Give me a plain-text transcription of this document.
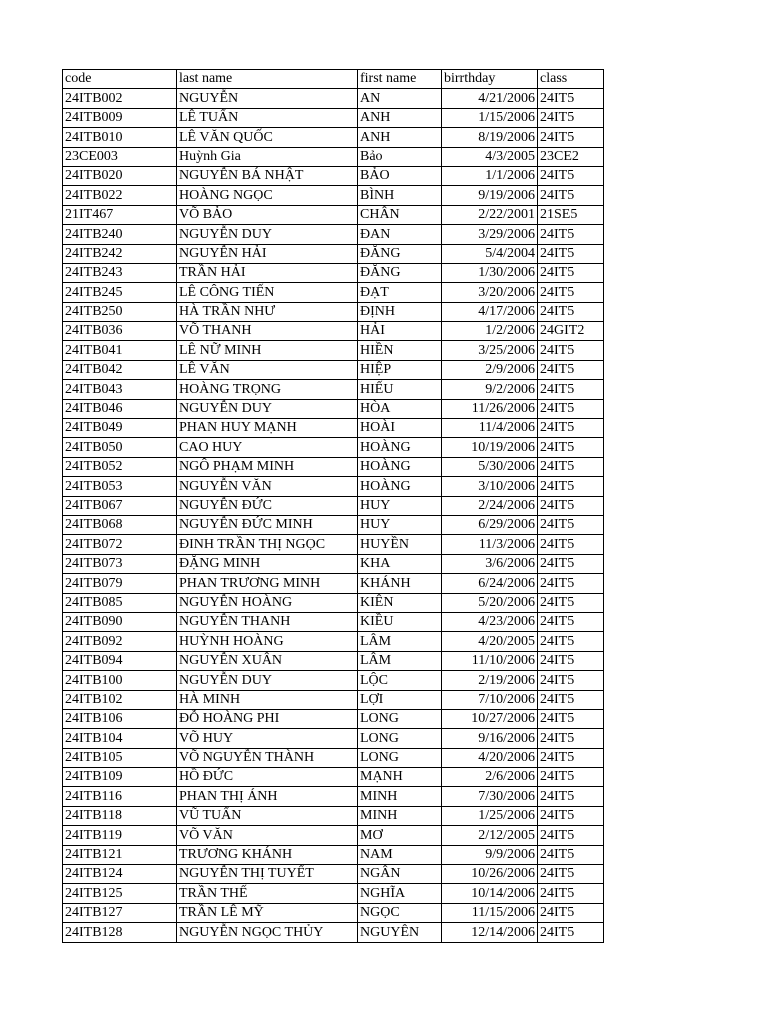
code	last name	first name	birrthday	class
24ITB002	NGUYỄN	AN	4/21/2006	24IT5
24ITB009	LÊ TUẤN	ANH	1/15/2006	24IT5
24ITB010	LÊ VĂN QUỐC	ANH	8/19/2006	24IT5
23CE003	Huỳnh Gia	Bảo	4/3/2005	23CE2
24ITB020	NGUYỄN BÁ NHẬT	BẢO	1/1/2006	24IT5
24ITB022	HOÀNG NGỌC	BÌNH	9/19/2006	24IT5
21IT467	VÕ BẢO	CHÂN	2/22/2001	21SE5
24ITB240	NGUYỄN DUY	ĐAN	3/29/2006	24IT5
24ITB242	NGUYỄN HẢI	ĐĂNG	5/4/2004	24IT5
24ITB243	TRẦN HẢI	ĐĂNG	1/30/2006	24IT5
24ITB245	LÊ CÔNG TIẾN	ĐẠT	3/20/2006	24IT5
24ITB250	HÀ TRẦN NHƯ	ĐỊNH	4/17/2006	24IT5
24ITB036	VÕ THANH	HẢI	1/2/2006	24GIT2
24ITB041	LÊ NỮ MINH	HIỀN	3/25/2006	24IT5
24ITB042	LÊ VĂN	HIỆP	2/9/2006	24IT5
24ITB043	HOÀNG TRỌNG	HIẾU	9/2/2006	24IT5
24ITB046	NGUYỄN DUY	HÒA	11/26/2006	24IT5
24ITB049	PHAN HUY MẠNH	HOÀI	11/4/2006	24IT5
24ITB050	CAO HUY	HOÀNG	10/19/2006	24IT5
24ITB052	NGÔ PHẠM MINH	HOÀNG	5/30/2006	24IT5
24ITB053	NGUYỄN VĂN	HOÀNG	3/10/2006	24IT5
24ITB067	NGUYỄN ĐỨC	HUY	2/24/2006	24IT5
24ITB068	NGUYỄN ĐỨC MINH	HUY	6/29/2006	24IT5
24ITB072	ĐINH TRẦN THỊ NGỌC	HUYỀN	11/3/2006	24IT5
24ITB073	ĐẶNG MINH	KHA	3/6/2006	24IT5
24ITB079	PHAN TRƯƠNG MINH	KHÁNH	6/24/2006	24IT5
24ITB085	NGUYỄN HOÀNG	KIÊN	5/20/2006	24IT5
24ITB090	NGUYỄN THANH	KIỀU	4/23/2006	24IT5
24ITB092	HUỲNH HOÀNG	LÂM	4/20/2005	24IT5
24ITB094	NGUYỄN XUÂN	LÂM	11/10/2006	24IT5
24ITB100	NGUYỄN DUY	LỘC	2/19/2006	24IT5
24ITB102	HÀ MINH	LỢI	7/10/2006	24IT5
24ITB106	ĐỖ HOÀNG PHI	LONG	10/27/2006	24IT5
24ITB104	VÕ HUY	LONG	9/16/2006	24IT5
24ITB105	VÕ NGUYỄN THÀNH	LONG	4/20/2006	24IT5
24ITB109	HỒ ĐỨC	MẠNH	2/6/2006	24IT5
24ITB116	PHAN THỊ ÁNH	MINH	7/30/2006	24IT5
24ITB118	VŨ TUẤN	MINH	1/25/2006	24IT5
24ITB119	VÕ VĂN	MƠ	2/12/2005	24IT5
24ITB121	TRƯƠNG KHÁNH	NAM	9/9/2006	24IT5
24ITB124	NGUYỄN THỊ TUYẾT	NGÂN	10/26/2006	24IT5
24ITB125	TRẦN THẾ	NGHĨA	10/14/2006	24IT5
24ITB127	TRẦN LÊ MỸ	NGỌC	11/15/2006	24IT5
24ITB128	NGUYỄN NGỌC THỦY	NGUYÊN	12/14/2006	24IT5
